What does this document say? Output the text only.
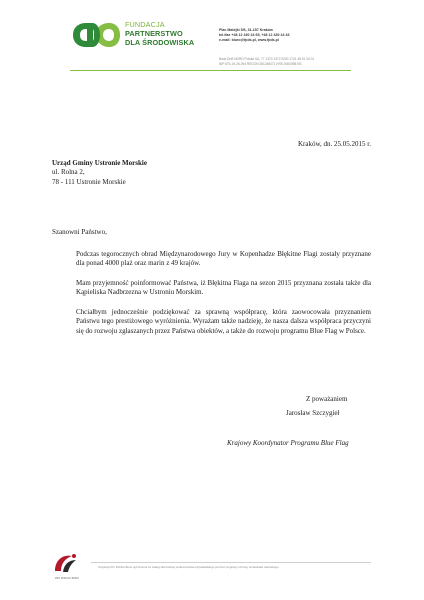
FUNDACJA
PARTNERSTWO
DLA ŚRODOWISKA
Plac Matejki 5/6, 31-157 Kraków
tel./fax +48 12 430 24 65, +48 12 430 24 43
e-mail: biuro@fpds.pl, www.fpds.pl
Bank DnB NORD Polska SA, 77 1370 1372 0000 1701 48 51 34 01
NIP 676-19-26-094 REGON 351248471 KRS 0000098193
Kraków, dn. 25.05.2015 r.
Urząd Gminy Ustronie Morskie
ul. Rolna 2,
78 - 111 Ustronie Morskie
Szanowni Państwo,
Podczas tegorocznych obrad Międzynarodowego Jury w Kopenhadze Błękitne Flagi zostały przyznane dla ponad 4000 plaż oraz marin z 49 krajów.
Mam przyjemność poinformować Państwa, iż Błękitna Flaga na sezon 2015 przyznana została także dla Kąpieliska Nadbrzezna w Ustroniu Morskim.
Chciałbym jednocześnie podziękować za sprawną współpracę, która zaowocowała przyznaniem Państwu tego prestiżowego wyróżnienia. Wyrażam także nadzieję, że nasza dalsza współpraca przyczyni się do rozwoju zgłaszanych przez Państwa obiektów, a także do rozwoju programu Blue Flag w Polsce.
Z poważaniem
Jarosław Szczygieł
Krajowy Koordynator Programu Blue Flag
PRO PUBLICO BONO
Instytucja Pro Publico Bono wyróżniona za zasługi dla budowy społeczeństwa obywatelskiego poprzez programy ochrony środowiska naturalnego
